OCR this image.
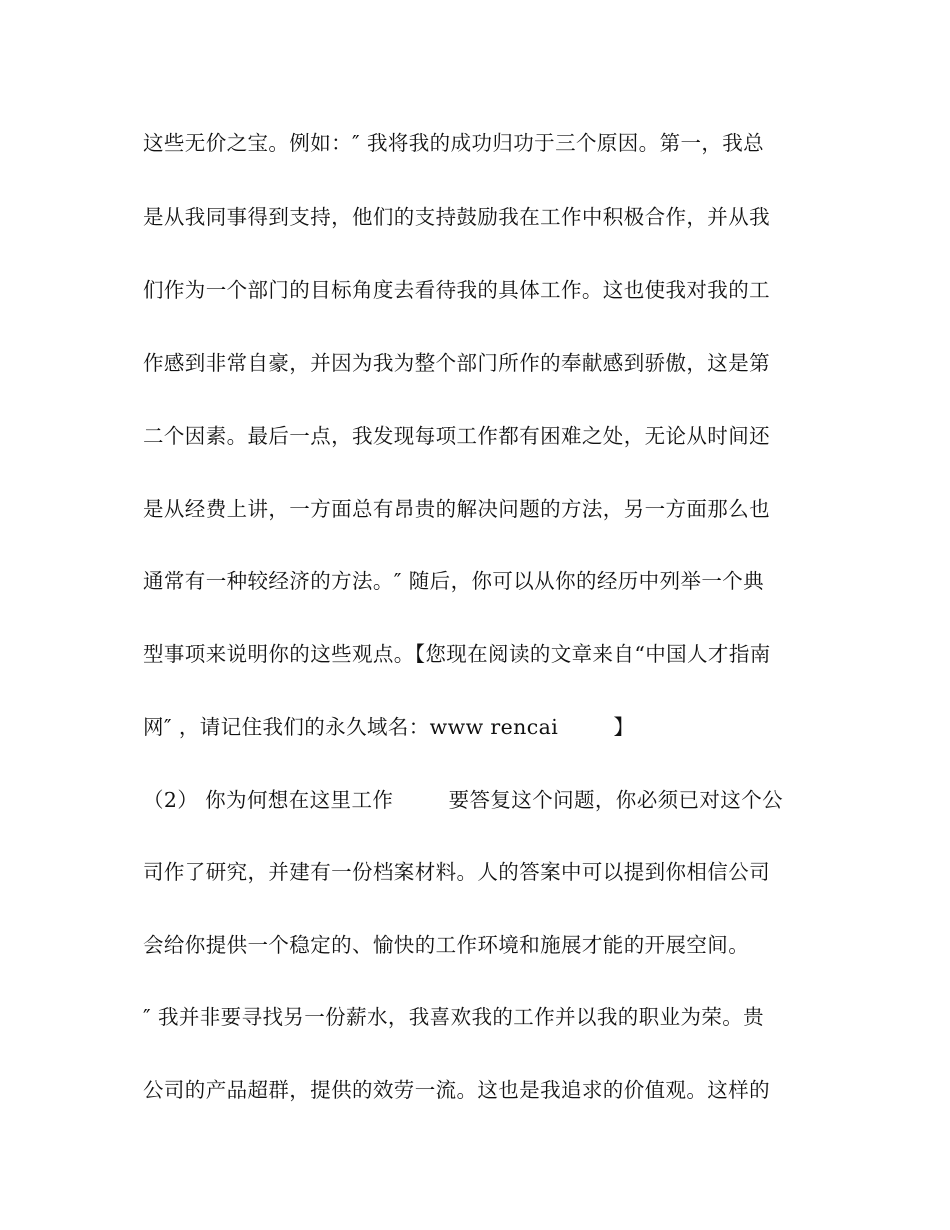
这些无价之宝。例如：″ 我将我的成功归功于三个原因。第一，我总
是从我同事得到支持，他们的支持鼓励我在工作中积极合作，并从我
们作为一个部门的目标角度去看待我的具体工作。这也使我对我的工
作感到非常自豪，并因为我为整个部门所作的奉献感到骄傲，这是第
二个因素。最后一点，我发现每项工作都有困难之处，无论从时间还
是从经费上讲，一方面总有昂贵的解决问题的方法，另一方面那么也
通常有一种较经济的方法。″ 随后，你可以从你的经历中列举一个典
型事项来说明你的这些观点。【您现在阅读的文章来自“中国人才指南
网″ ，请记住我们的永久域名：www rencai        】
（2） 你为何想在这里工作        要答复这个问题，你必须已对这个公
司作了研究，并建有一份档案材料。人的答案中可以提到你相信公司
会给你提供一个稳定的、愉快的工作环境和施展才能的开展空间。
″ 我并非要寻找另一份薪水，我喜欢我的工作并以我的职业为荣。贵
公司的产品超群，提供的效劳一流。这也是我追求的价值观。这样的
